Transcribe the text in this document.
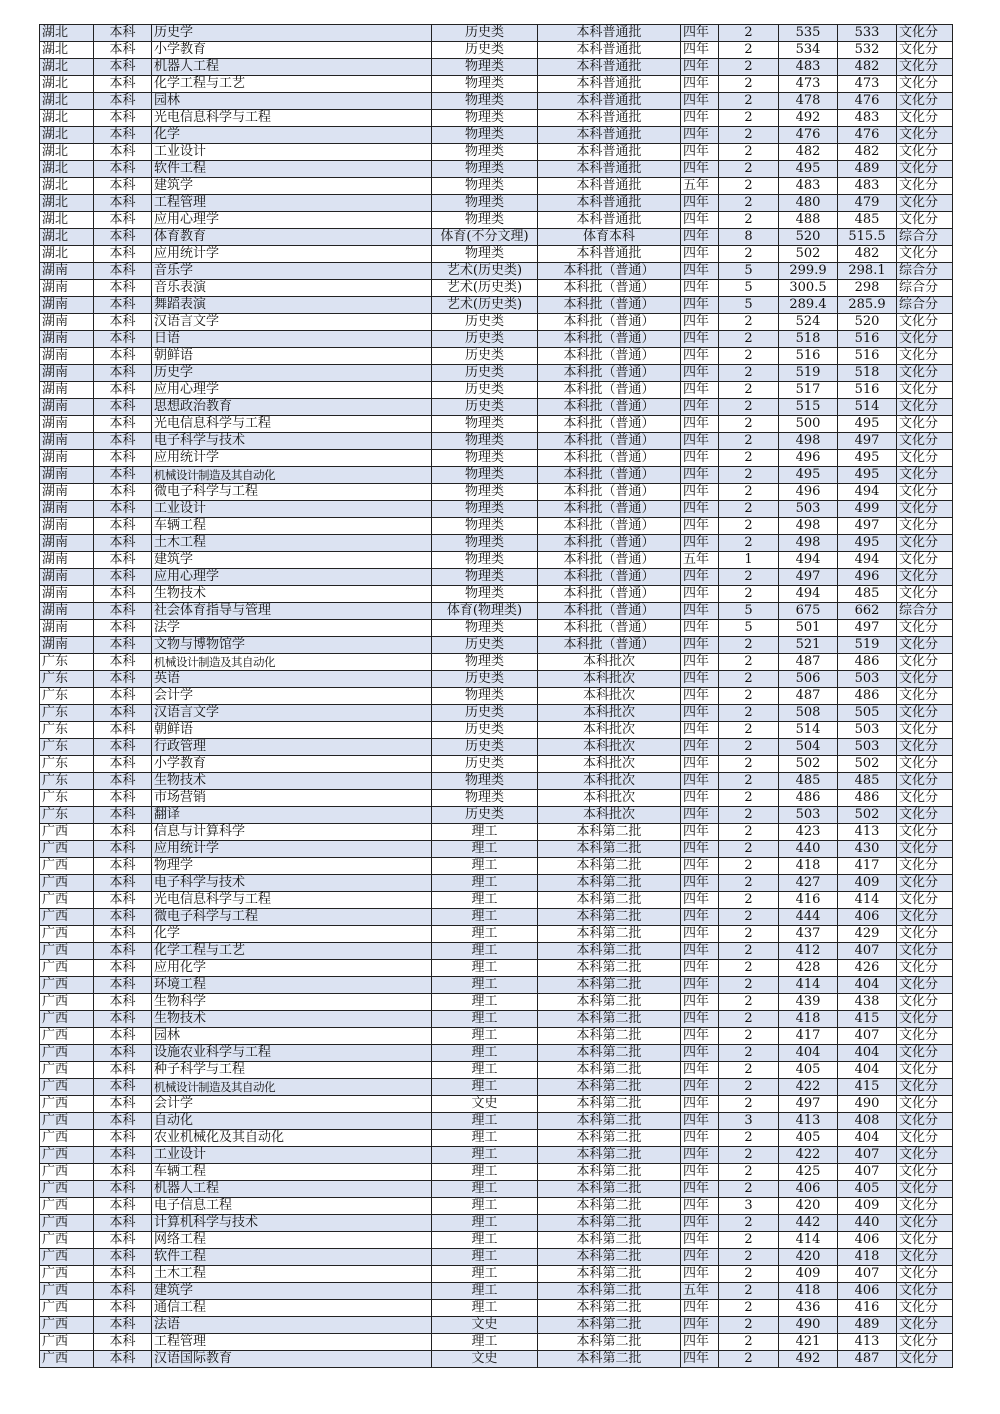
湖北	本科	历史学	历史类	本科普通批	四年	2	535	533	文化分
湖北	本科	小学教育	历史类	本科普通批	四年	2	534	532	文化分
湖北	本科	机器人工程	物理类	本科普通批	四年	2	483	482	文化分
湖北	本科	化学工程与工艺	物理类	本科普通批	四年	2	473	473	文化分
湖北	本科	园林	物理类	本科普通批	四年	2	478	476	文化分
湖北	本科	光电信息科学与工程	物理类	本科普通批	四年	2	492	483	文化分
湖北	本科	化学	物理类	本科普通批	四年	2	476	476	文化分
湖北	本科	工业设计	物理类	本科普通批	四年	2	482	482	文化分
湖北	本科	软件工程	物理类	本科普通批	四年	2	495	489	文化分
湖北	本科	建筑学	物理类	本科普通批	五年	2	483	483	文化分
湖北	本科	工程管理	物理类	本科普通批	四年	2	480	479	文化分
湖北	本科	应用心理学	物理类	本科普通批	四年	2	488	485	文化分
湖北	本科	体育教育	体育(不分文理)	体育本科	四年	8	520	515.5	综合分
湖北	本科	应用统计学	物理类	本科普通批	四年	2	502	482	文化分
湖南	本科	音乐学	艺术(历史类)	本科批（普通）	四年	5	299.9	298.1	综合分
湖南	本科	音乐表演	艺术(历史类)	本科批（普通）	四年	5	300.5	298	综合分
湖南	本科	舞蹈表演	艺术(历史类)	本科批（普通）	四年	5	289.4	285.9	综合分
湖南	本科	汉语言文学	历史类	本科批（普通）	四年	2	524	520	文化分
湖南	本科	日语	历史类	本科批（普通）	四年	2	518	516	文化分
湖南	本科	朝鲜语	历史类	本科批（普通）	四年	2	516	516	文化分
湖南	本科	历史学	历史类	本科批（普通）	四年	2	519	518	文化分
湖南	本科	应用心理学	历史类	本科批（普通）	四年	2	517	516	文化分
湖南	本科	思想政治教育	历史类	本科批（普通）	四年	2	515	514	文化分
湖南	本科	光电信息科学与工程	物理类	本科批（普通）	四年	2	500	495	文化分
湖南	本科	电子科学与技术	物理类	本科批（普通）	四年	2	498	497	文化分
湖南	本科	应用统计学	物理类	本科批（普通）	四年	2	496	495	文化分
湖南	本科	机械设计制造及其自动化	物理类	本科批（普通）	四年	2	495	495	文化分
湖南	本科	微电子科学与工程	物理类	本科批（普通）	四年	2	496	494	文化分
湖南	本科	工业设计	物理类	本科批（普通）	四年	2	503	499	文化分
湖南	本科	车辆工程	物理类	本科批（普通）	四年	2	498	497	文化分
湖南	本科	土木工程	物理类	本科批（普通）	四年	2	498	495	文化分
湖南	本科	建筑学	物理类	本科批（普通）	五年	1	494	494	文化分
湖南	本科	应用心理学	物理类	本科批（普通）	四年	2	497	496	文化分
湖南	本科	生物技术	物理类	本科批（普通）	四年	2	494	485	文化分
湖南	本科	社会体育指导与管理	体育(物理类)	本科批（普通）	四年	5	675	662	综合分
湖南	本科	法学	物理类	本科批（普通）	四年	5	501	497	文化分
湖南	本科	文物与博物馆学	历史类	本科批（普通）	四年	2	521	519	文化分
广东	本科	机械设计制造及其自动化	物理类	本科批次	四年	2	487	486	文化分
广东	本科	英语	历史类	本科批次	四年	2	506	503	文化分
广东	本科	会计学	物理类	本科批次	四年	2	487	486	文化分
广东	本科	汉语言文学	历史类	本科批次	四年	2	508	505	文化分
广东	本科	朝鲜语	历史类	本科批次	四年	2	514	503	文化分
广东	本科	行政管理	历史类	本科批次	四年	2	504	503	文化分
广东	本科	小学教育	历史类	本科批次	四年	2	502	502	文化分
广东	本科	生物技术	物理类	本科批次	四年	2	485	485	文化分
广东	本科	市场营销	物理类	本科批次	四年	2	486	486	文化分
广东	本科	翻译	历史类	本科批次	四年	2	503	502	文化分
广西	本科	信息与计算科学	理工	本科第二批	四年	2	423	413	文化分
广西	本科	应用统计学	理工	本科第二批	四年	2	440	430	文化分
广西	本科	物理学	理工	本科第二批	四年	2	418	417	文化分
广西	本科	电子科学与技术	理工	本科第二批	四年	2	427	409	文化分
广西	本科	光电信息科学与工程	理工	本科第二批	四年	2	416	414	文化分
广西	本科	微电子科学与工程	理工	本科第二批	四年	2	444	406	文化分
广西	本科	化学	理工	本科第二批	四年	2	437	429	文化分
广西	本科	化学工程与工艺	理工	本科第二批	四年	2	412	407	文化分
广西	本科	应用化学	理工	本科第二批	四年	2	428	426	文化分
广西	本科	环境工程	理工	本科第二批	四年	2	414	404	文化分
广西	本科	生物科学	理工	本科第二批	四年	2	439	438	文化分
广西	本科	生物技术	理工	本科第二批	四年	2	418	415	文化分
广西	本科	园林	理工	本科第二批	四年	2	417	407	文化分
广西	本科	设施农业科学与工程	理工	本科第二批	四年	2	404	404	文化分
广西	本科	种子科学与工程	理工	本科第二批	四年	2	405	404	文化分
广西	本科	机械设计制造及其自动化	理工	本科第二批	四年	2	422	415	文化分
广西	本科	会计学	文史	本科第二批	四年	2	497	490	文化分
广西	本科	自动化	理工	本科第二批	四年	3	413	408	文化分
广西	本科	农业机械化及其自动化	理工	本科第二批	四年	2	405	404	文化分
广西	本科	工业设计	理工	本科第二批	四年	2	422	407	文化分
广西	本科	车辆工程	理工	本科第二批	四年	2	425	407	文化分
广西	本科	机器人工程	理工	本科第二批	四年	2	406	405	文化分
广西	本科	电子信息工程	理工	本科第二批	四年	3	420	409	文化分
广西	本科	计算机科学与技术	理工	本科第二批	四年	2	442	440	文化分
广西	本科	网络工程	理工	本科第二批	四年	2	414	406	文化分
广西	本科	软件工程	理工	本科第二批	四年	2	420	418	文化分
广西	本科	土木工程	理工	本科第二批	四年	2	409	407	文化分
广西	本科	建筑学	理工	本科第二批	五年	2	418	406	文化分
广西	本科	通信工程	理工	本科第二批	四年	2	436	416	文化分
广西	本科	法语	文史	本科第二批	四年	2	490	489	文化分
广西	本科	工程管理	理工	本科第二批	四年	2	421	413	文化分
广西	本科	汉语国际教育	文史	本科第二批	四年	2	492	487	文化分
